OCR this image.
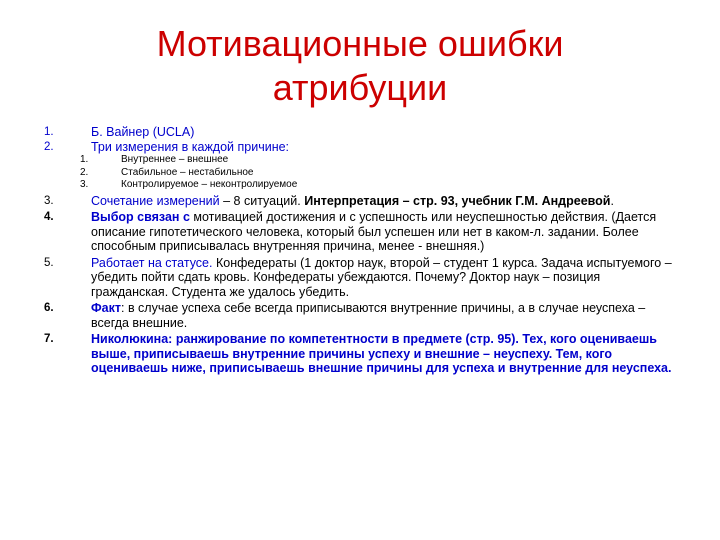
Мотивационные ошибки
атрибуции
1.	Б. Вайнер (UCLA)
2.	Три измерения в каждой причине:
1.	Внутреннее – внешнее
2.	Стабильное – нестабильное
3.	Контролируемое – неконтролируемое
3.	Сочетание измерений – 8 ситуаций. Интерпретация – стр. 93, учебник Г.М. Андреевой.
4.	Выбор связан с мотивацией достижения и с успешность или неуспешностью действия. (Дается описание гипотетического человека, который был успешен или нет в каком-л. задании. Более способным приписывалась внутренняя причина, менее - внешняя.)
5.	Работает на статусе. Конфедераты (1 доктор наук, второй – студент 1 курса. Задача испытуемого – убедить пойти сдать кровь. Конфедераты убеждаются. Почему? Доктор наук – позиция гражданская. Студента же удалось убедить.
6.	Факт: в случае успеха себе всегда приписываются внутренние причины, а в случае неуспеха – всегда внешние.
7.	Николюкина: ранжирование по компетентности в предмете (стр. 95). Тех, кого оцениваешь выше, приписываешь внутренние причины успеху и внешние – неуспеху. Тем, кого оцениваешь ниже, приписываешь внешние причины для успеха и внутренние для неуспеха.
